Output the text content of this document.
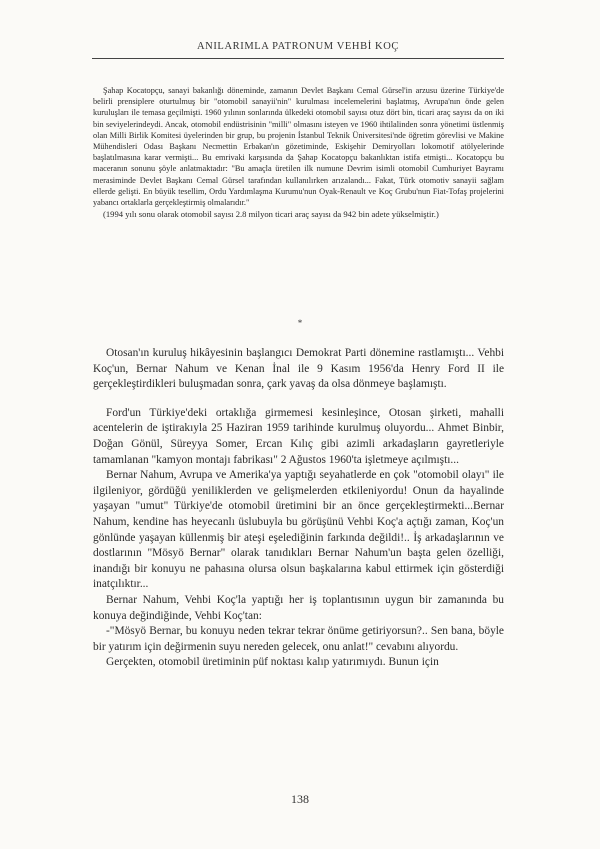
ANILARIMLA PATRONUM VEHBİ KOÇ

Şahap Kocatopçu, sanayi bakanlığı döneminde, zamanın Devlet Başkanı Cemal Gürsel'in arzusu üzerine Türkiye'de belirli prensiplere oturtulmuş bir "otomobil sanayii'nin" kurulması incelemelerini başlatmış, Avrupa'nın önde gelen kuruluşları ile temasa geçilmişti. 1960 yılının sonlarında ülkedeki otomobil sayısı otuz dört bin, ticari araç sayısı da on iki bin seviyelerindeydi. Ancak, otomobil endüstrisinin "milli" olmasını isteyen ve 1960 ihtilalinden sonra yönetimi üstlenmiş olan Milli Birlik Komitesi üyelerinden bir grup, bu projenin İstanbul Teknik Üniversitesi'nde öğretim görevlisi ve Makine Mühendisleri Odası Başkanı Necmettin Erbakan'ın gözetiminde, Eskişehir Demiryolları lokomotif atölyelerinde başlatılmasına karar vermişti... Bu emrivaki karşısında da Şahap Kocatopçu bakanlıktan istifa etmişti... Kocatopçu bu maceranın sonunu şöyle anlatmaktadır: "Bu amaçla üretilen ilk numune Devrim isimli otomobil Cumhuriyet Bayramı merasiminde Devlet Başkanı Cemal Gürsel tarafından kullanılırken arızalandı... Fakat, Türk otomotiv sanayii sağlam ellerde gelişti. En büyük tesellim, Ordu Yardımlaşma Kurumu'nun Oyak-Renault ve Koç Grubu'nun Fiat-Tofaş projelerini yabancı ortaklarla gerçekleştirmiş olmalarıdır."

(1994 yılı sonu olarak otomobil sayısı 2.8 milyon ticari araç sayısı da 942 bin adete yükselmiştir.)

*

Otosan'ın kuruluş hikâyesinin başlangıcı Demokrat Parti dönemine rastlamıştı... Vehbi Koç'un, Bernar Nahum ve Kenan İnal ile 9 Kasım 1956'da Henry Ford II ile gerçekleştirdikleri buluşmadan sonra, çark yavaş da olsa dönmeye başlamıştı.

Ford'un Türkiye'deki ortaklığa girmemesi kesinleşince, Otosan şirketi, mahalli acentelerin de iştirakıyla 25 Haziran 1959 tarihinde kurulmuş oluyordu... Ahmet Binbir, Doğan Gönül, Süreyya Somer, Ercan Kılıç gibi azimli arkadaşların gayretleriyle tamamlanan "kamyon montajı fabrikası" 2 Ağustos 1960'ta işletmeye açılmıştı...

Bernar Nahum, Avrupa ve Amerika'ya yaptığı seyahatlerde en çok "otomobil olayı" ile ilgileniyor, gördüğü yeniliklerden ve gelişmelerden etkileniyordu! Onun da hayalinde yaşayan "umut" Türkiye'de otomobil üretimini bir an önce gerçekleştirmekti...Bernar Nahum, kendine has heyecanlı üslubuyla bu görüşünü Vehbi Koç'a açtığı zaman, Koç'un gönlünde yaşayan küllenmiş bir ateşi eşelediğinin farkında değildi!.. İş arkadaşlarının ve dostlarının "Mösyö Bernar" olarak tanıdıkları Bernar Nahum'un başta gelen özelliği, inandığı bir konuyu ne pahasına olursa olsun başkalarına kabul ettirmek için gösterdiği inatçılıktır...

Bernar Nahum, Vehbi Koç'la yaptığı her iş toplantısının uygun bir zamanında bu konuya değindiğinde, Vehbi Koç'tan:

-"Mösyö Bernar, bu konuyu neden tekrar tekrar önüme getiriyorsun?.. Sen bana, böyle bir yatırım için değirmenin suyu nereden gelecek, onu anlat!" cevabını alıyordu.

Gerçekten, otomobil üretiminin püf noktası kalıp yatırımıydı. Bunun için

138
